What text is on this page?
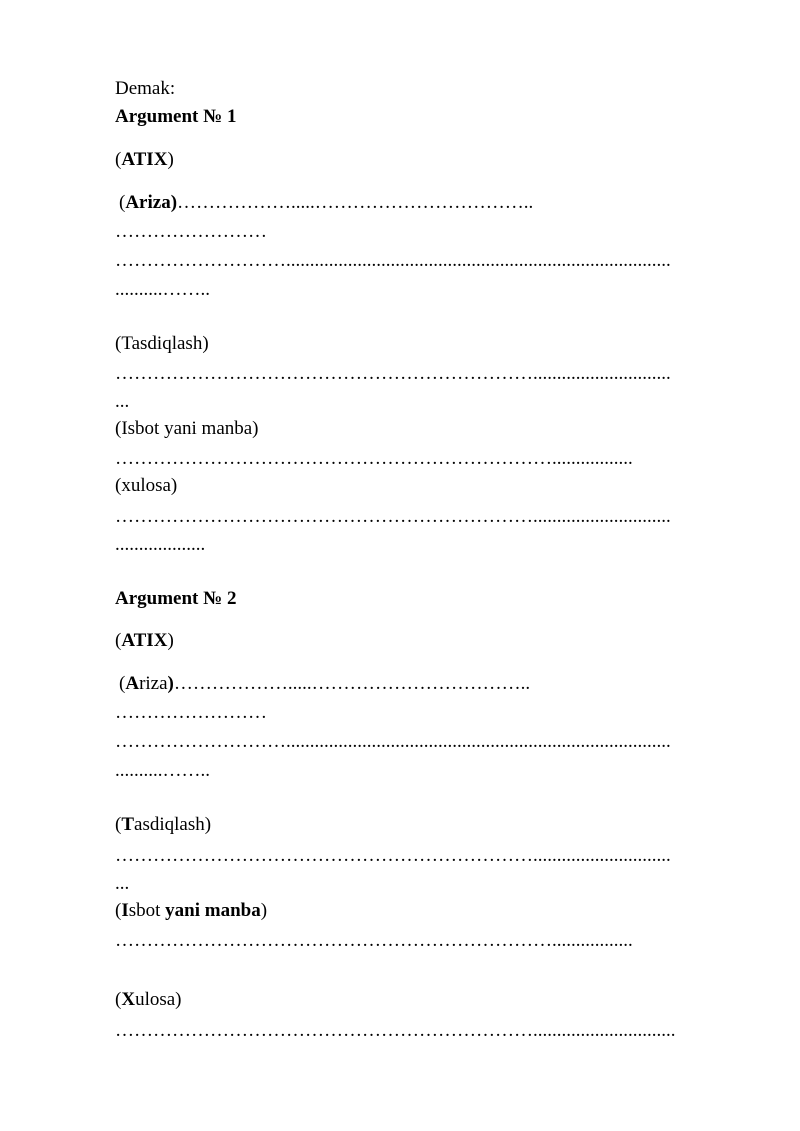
Demak:

Argument № 1

(ATIX)

(Ariza)……………….....……………………………..

……………………

……………………….................................................................................

..........……..

(Tasdiqlash)

………………………………………………………….............................

...

(Isbot yani manba)

…………………………………………………………….................

(xulosa)

………………………………………………………….............................

...................

Argument № 2

(ATIX)

(Ariza)……………….....……………………………..

……………………

……………………….................................................................................

..........……..

(Tasdiqlash)

………………………………………………………….............................

...

(Isbot yani manba)

…………………………………………………………….................

(Xulosa)

…………………………………………………………..............................
